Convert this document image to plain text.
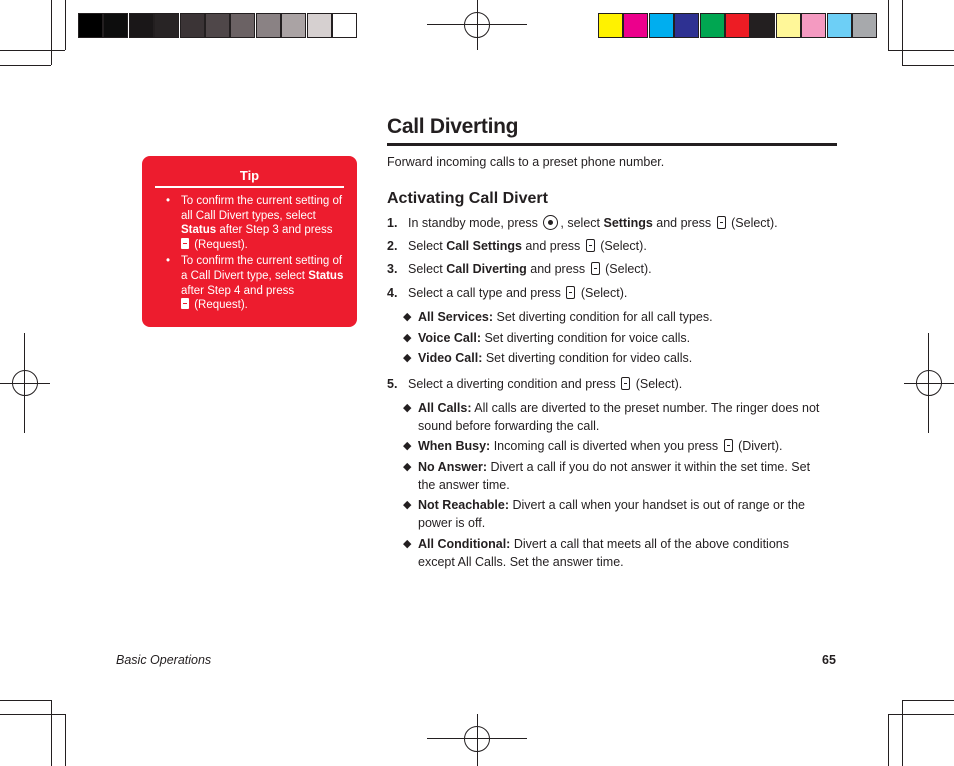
Tip
• To confirm the current setting of all Call Divert types, select Status after Step 3 and press
(Request).
• To confirm the current setting of a Call Divert type, select Status after Step 4 and press
(Request).
Call Diverting
Forward incoming calls to a preset phone number.
Activating Call Divert
1. In standby mode, press , select Settings and press  (Select).
2. Select Call Settings and press  (Select).
3. Select Call Diverting and press  (Select).
4. Select a call type and press  (Select).
◆ All Services: Set diverting condition for all call types.
◆ Voice Call: Set diverting condition for voice calls.
◆ Video Call: Set diverting condition for video calls.
5. Select a diverting condition and press  (Select).
◆ All Calls: All calls are diverted to the preset number. The ringer does not sound before forwarding the call.
◆ When Busy: Incoming call is diverted when you press  (Divert).
◆ No Answer: Divert a call if you do not answer it within the set time. Set the answer time.
◆ Not Reachable: Divert a call when your handset is out of range or the power is off.
◆ All Conditional: Divert a call that meets all of the above conditions except All Calls. Set the answer time.
Basic Operations	65
